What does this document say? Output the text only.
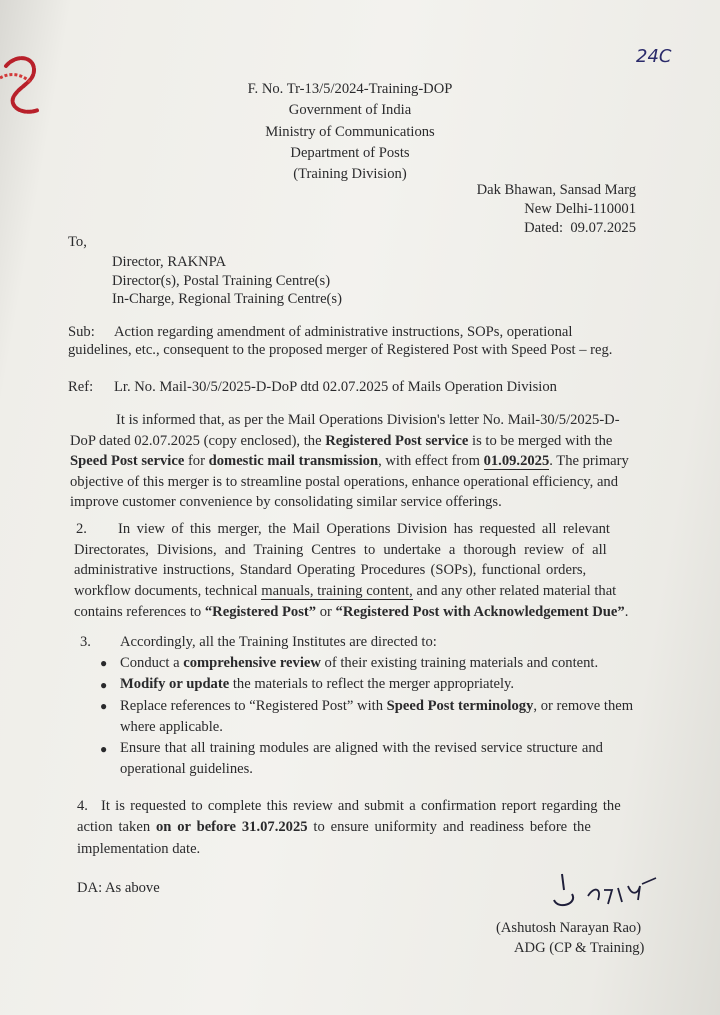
24C
F. No. Tr-13/5/2024-Training-DOP
Government of India
Ministry of Communications
Department of Posts
(Training Division)
Dak Bhawan, Sansad Marg
New Delhi-110001
Dated: 09.07.2025
To,
Director, RAKNPA
Director(s), Postal Training Centre(s)
In-Charge, Regional Training Centre(s)
Sub: Action regarding amendment of administrative instructions, SOPs, operational
guidelines, etc., consequent to the proposed merger of Registered Post with Speed Post – reg.
Ref: Lr. No. Mail-30/5/2025-D-DoP dtd 02.07.2025 of Mails Operation Division
It is informed that, as per the Mail Operations Division's letter No. Mail-30/5/2025-D-
DoP dated 02.07.2025 (copy enclosed), the Registered Post service is to be merged with the
Speed Post service for domestic mail transmission, with effect from 01.09.2025. The primary
objective of this merger is to streamline postal operations, enhance operational efficiency, and
improve customer convenience by consolidating similar service offerings.
2. In view of this merger, the Mail Operations Division has requested all relevant
Directorates, Divisions, and Training Centres to undertake a thorough review of all
administrative instructions, Standard Operating Procedures (SOPs), functional orders,
workflow documents, technical manuals, training content, and any other related material that
contains references to “Registered Post” or “Registered Post with Acknowledgement Due”.
3. Accordingly, all the Training Institutes are directed to:
● Conduct a comprehensive review of their existing training materials and content.
● Modify or update the materials to reflect the merger appropriately.
● Replace references to “Registered Post” with Speed Post terminology, or remove them
where applicable.
● Ensure that all training modules are aligned with the revised service structure and
operational guidelines.
4. It is requested to complete this review and submit a confirmation report regarding the
action taken on or before 31.07.2025 to ensure uniformity and readiness before the
implementation date.
DA: As above
(Ashutosh Narayan Rao)
ADG (CP & Training)
